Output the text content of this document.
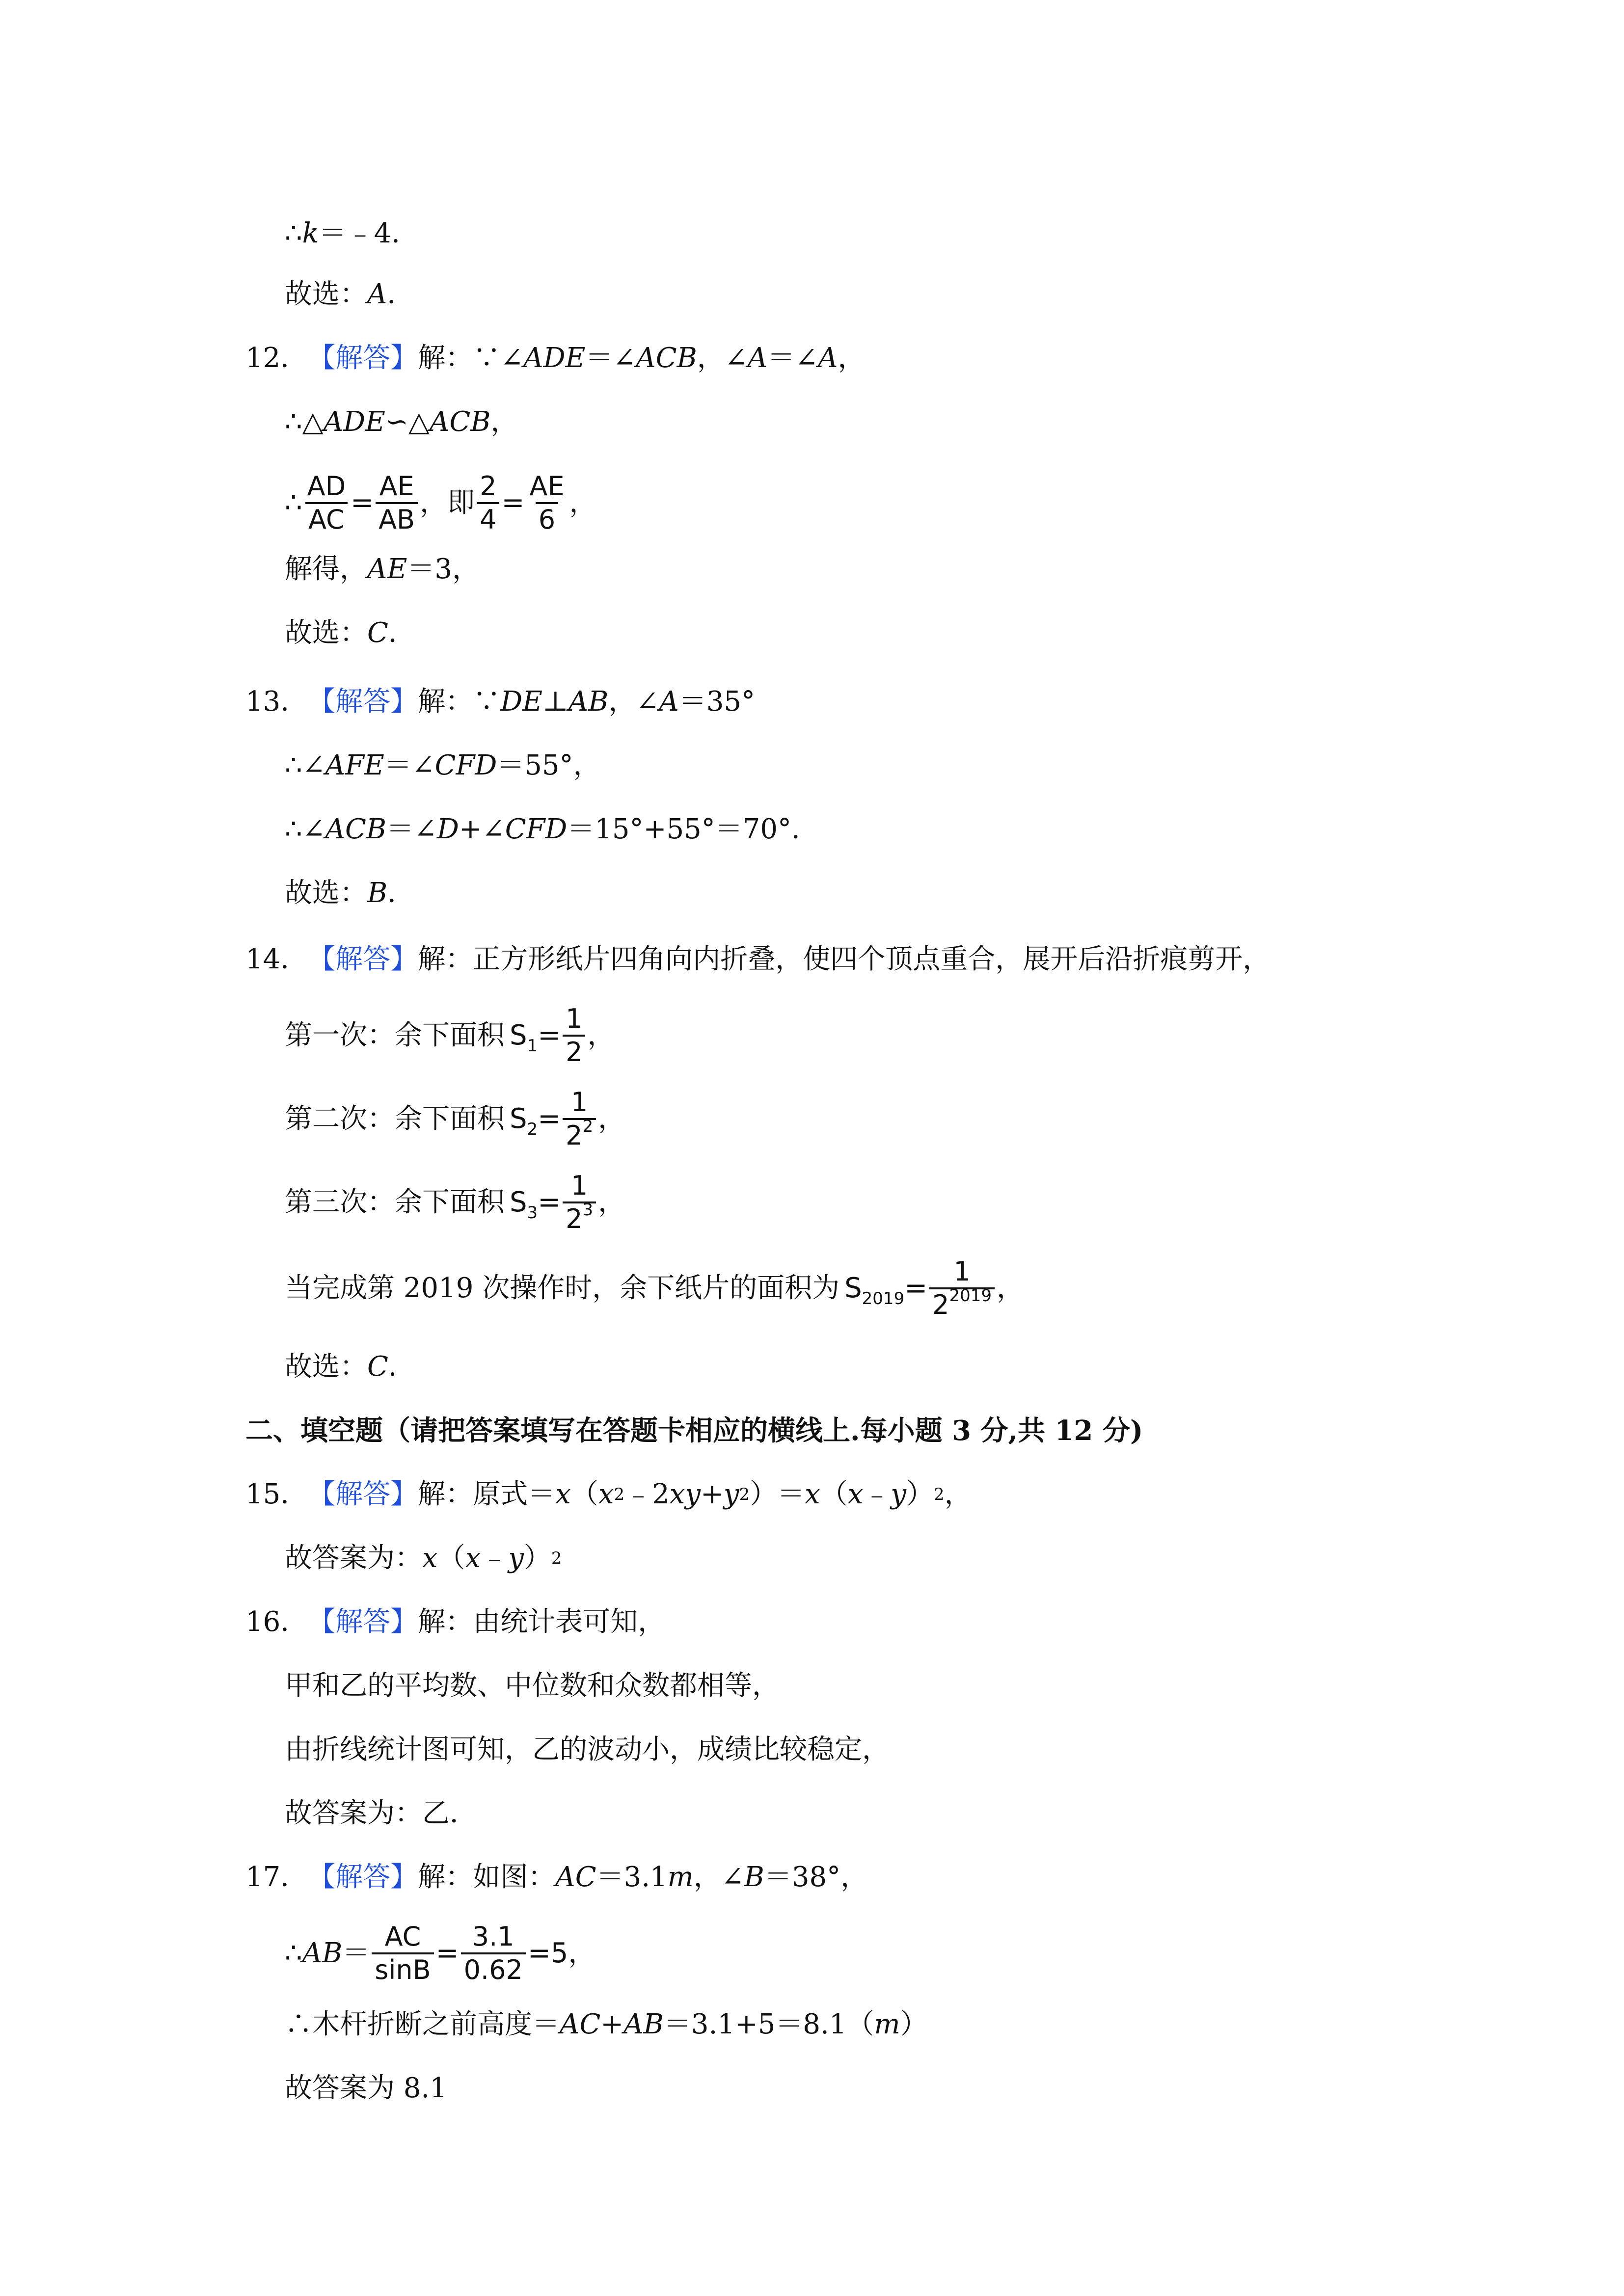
∴ k ＝﹣4．
故选： A ．
12． 【解答】 解：∵∠ ADE ＝∠ ACB ，∠ A ＝∠ A ，
∴△ ADE ∽△ ACB ，
∴ $\frac{AD}{AC} = \frac{AE}{AB}$ ，即 $\frac{2}{4} = \frac{AE}{6}$ ，
解得， AE ＝3，
故选： C ．
13． 【解答】 解：∵ DE ⊥ AB ，∠ A ＝35°
∴∠ AFE ＝∠ CFD ＝55°，
∴∠ ACB ＝∠ D +∠ CFD ＝15°+55°＝70°．
故选： B ．
14． 【解答】 解：正方形纸片四角向内折叠，使四个顶点重合，展开后沿折痕剪开，
第一次：余下面积 $S_1 = \frac{1}{2}$ ，
第二次：余下面积 $S_2 = \frac{1}{2^2}$ ，
第三次：余下面积 $S_3 = \frac{1}{2^3}$ ，
当完成第 2019 次操作时，余下纸片的面积为 $S_{2019} = \frac{1}{2^{2019}}$ ，
故选： C ．
二、填空题（请把答案填写在答题卡相应的横线上.每小题 3 分,共 12 分)
15． 【解答】 解：原式＝ x （ x 2 ﹣2 xy + y 2 ）＝ x （ x ﹣ y ） 2 ，
故答案为： x （ x ﹣ y ） 2
16． 【解答】 解：由统计表可知，
甲和乙的平均数、中位数和众数都相等，
由折线统计图可知，乙的波动小，成绩比较稳定，
故答案为：乙．
17． 【解答】 解：如图： AC ＝3.1 m ，∠ B ＝38°，
∴ AB ＝ $\frac{AC}{\sin B} = \frac{3.1}{0.62} =5$，
∴木杆折断之前高度＝ AC + AB ＝3.1+5＝8.1（ m ）
故答案为 8.1
